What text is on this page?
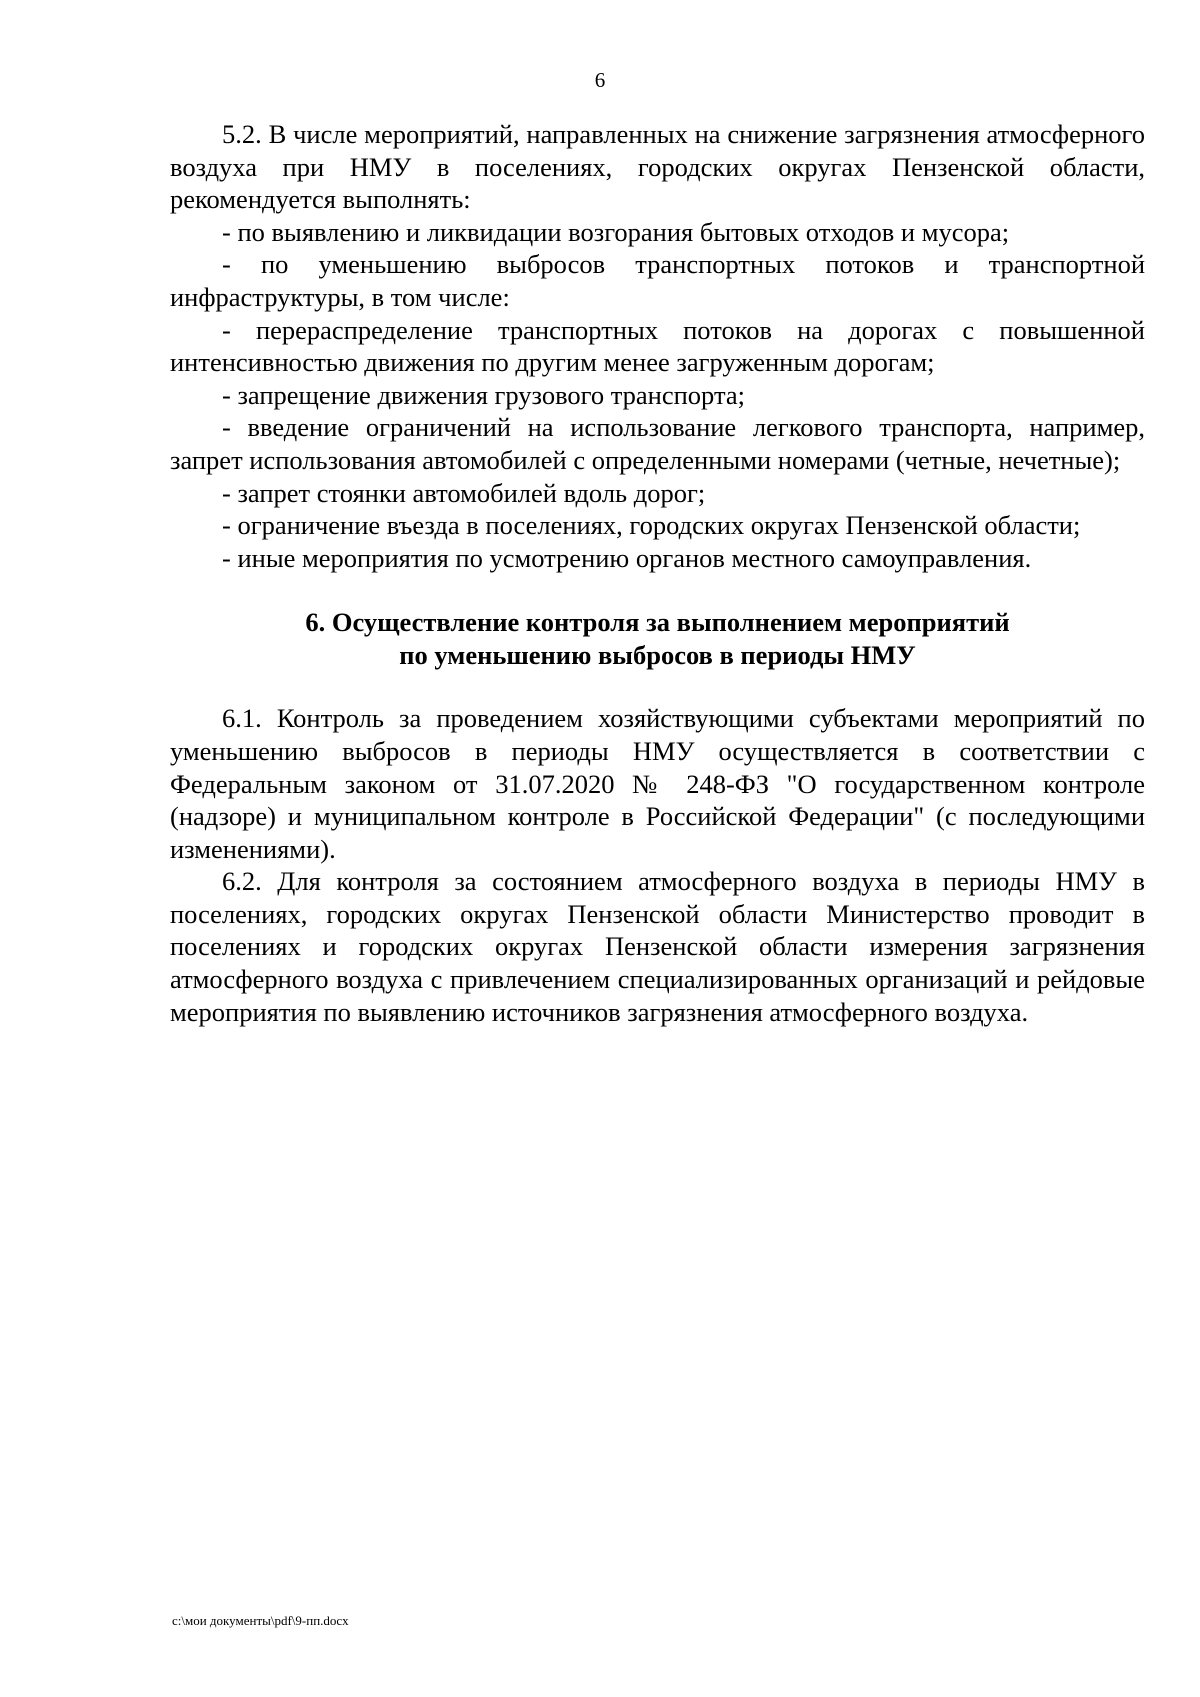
6

5.2. В числе мероприятий, направленных на снижение загрязнения атмосферного воздуха при НМУ в поселениях, городских округах Пензенской области, рекомендуется выполнять:

- по выявлению и ликвидации возгорания бытовых отходов и мусора;

- по уменьшению выбросов транспортных потоков и транспортной инфраструктуры, в том числе:

- перераспределение транспортных потоков на дорогах с повышенной интенсивностью движения по другим менее загруженным дорогам;

- запрещение движения грузового транспорта;

- введение ограничений на использование легкового транспорта, например, запрет использования автомобилей с определенными номерами (четные, нечетные);

- запрет стоянки автомобилей вдоль дорог;

- ограничение въезда в поселениях, городских округах Пензенской области;

- иные мероприятия по усмотрению органов местного самоуправления.

6. Осуществление контроля за выполнением мероприятий
по уменьшению выбросов в периоды НМУ

6.1. Контроль за проведением хозяйствующими субъектами мероприятий по уменьшению выбросов в периоды НМУ осуществляется в соответствии с Федеральным законом от 31.07.2020 № 248-ФЗ "О государственном контроле (надзоре) и муниципальном контроле в Российской Федерации" (с последующими изменениями).

6.2. Для контроля за состоянием атмосферного воздуха в периоды НМУ в поселениях, городских округах Пензенской области Министерство проводит в поселениях и городских округах Пензенской области измерения загрязнения атмосферного воздуха с привлечением специализированных организаций и рейдовые мероприятия по выявлению источников загрязнения атмосферного воздуха.

c:\мои документы\pdf\9-пп.docx
